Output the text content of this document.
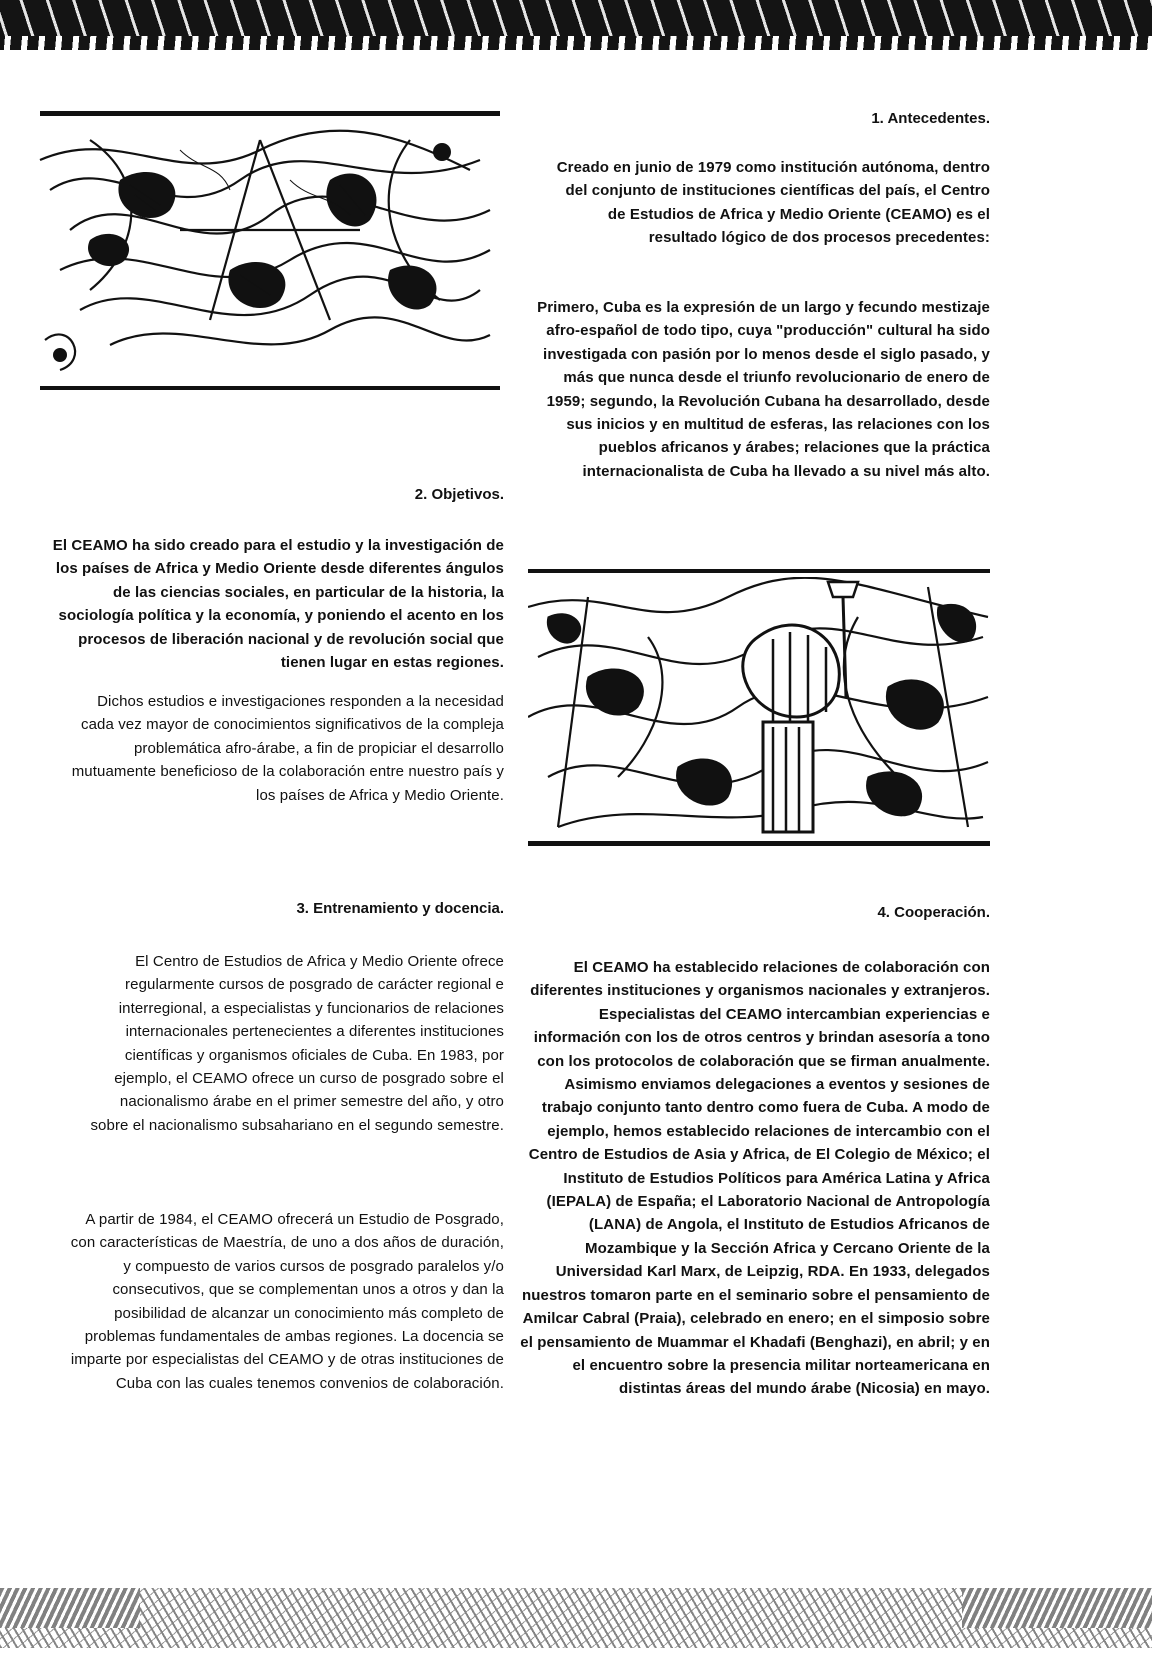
1. Antecedentes.

Creado en junio de 1979 como institución autónoma, dentro del conjunto de instituciones científicas del país, el Centro de Estudios de Africa y Medio Oriente (CEAMO) es el resultado lógico de dos procesos precedentes:

Primero, Cuba es la expresión de un largo y fecundo mestizaje afro-español de todo tipo, cuya "producción" cultural ha sido investigada con pasión por lo menos desde el siglo pasado, y más que nunca desde el triunfo revolucionario de enero de 1959; segundo, la Revolución Cubana ha desarrollado, desde sus inicios y en multitud de esferas, las relaciones con los pueblos africanos y árabes; relaciones que la práctica internacionalista de Cuba ha llevado a su nivel más alto.

2. Objetivos.

El CEAMO ha sido creado para el estudio y la investigación de los países de Africa y Medio Oriente desde diferentes ángulos de las ciencias sociales, en particular de la historia, la sociología política y la economía, y poniendo el acento en los procesos de liberación nacional y de revolución social que tienen lugar en estas regiones.

Dichos estudios e investigaciones responden a la necesidad cada vez mayor de conocimientos significativos de la compleja problemática afro-árabe, a fin de propiciar el desarrollo mutuamente beneficioso de la colaboración entre nuestro país y los países de Africa y Medio Oriente.

3. Entrenamiento y docencia.

El Centro de Estudios de Africa y Medio Oriente ofrece regularmente cursos de posgrado de carácter regional e interregional, a especialistas y funcionarios de relaciones internacionales pertenecientes a diferentes instituciones científicas y organismos oficiales de Cuba. En 1983, por ejemplo, el CEAMO ofrece un curso de posgrado sobre el nacionalismo árabe en el primer semestre del año, y otro sobre el nacionalismo subsahariano en el segundo semestre.

A partir de 1984, el CEAMO ofrecerá un Estudio de Posgrado, con características de Maestría, de uno a dos años de duración, y compuesto de varios cursos de posgrado paralelos y/o consecutivos, que se complementan unos a otros y dan la posibilidad de alcanzar un conocimiento más completo de problemas fundamentales de ambas regiones. La docencia se imparte por especialistas del CEAMO y de otras instituciones de Cuba con las cuales tenemos convenios de colaboración.

4. Cooperación.

El CEAMO ha establecido relaciones de colaboración con diferentes instituciones y organismos nacionales y extranjeros. Especialistas del CEAMO intercambian experiencias e información con los de otros centros y brindan asesoría a tono con los protocolos de colaboración que se firman anualmente. Asimismo enviamos delegaciones a eventos y sesiones de trabajo conjunto tanto dentro como fuera de Cuba. A modo de ejemplo, hemos establecido relaciones de intercambio con el Centro de Estudios de Asia y Africa, de El Colegio de México; el Instituto de Estudios Políticos para América Latina y Africa (IEPALA) de España; el Laboratorio Nacional de Antropología (LANA) de Angola, el Instituto de Estudios Africanos de Mozambique y la Sección Africa y Cercano Oriente de la Universidad Karl Marx, de Leipzig, RDA. En 1933, delegados nuestros tomaron parte en el seminario sobre el pensamiento de Amilcar Cabral (Praia), celebrado en enero; en el simposio sobre el pensamiento de Muammar el Khadafi (Benghazi), en abril; y en el encuentro sobre la presencia militar norteamericana en distintas áreas del mundo árabe (Nicosia) en mayo.
